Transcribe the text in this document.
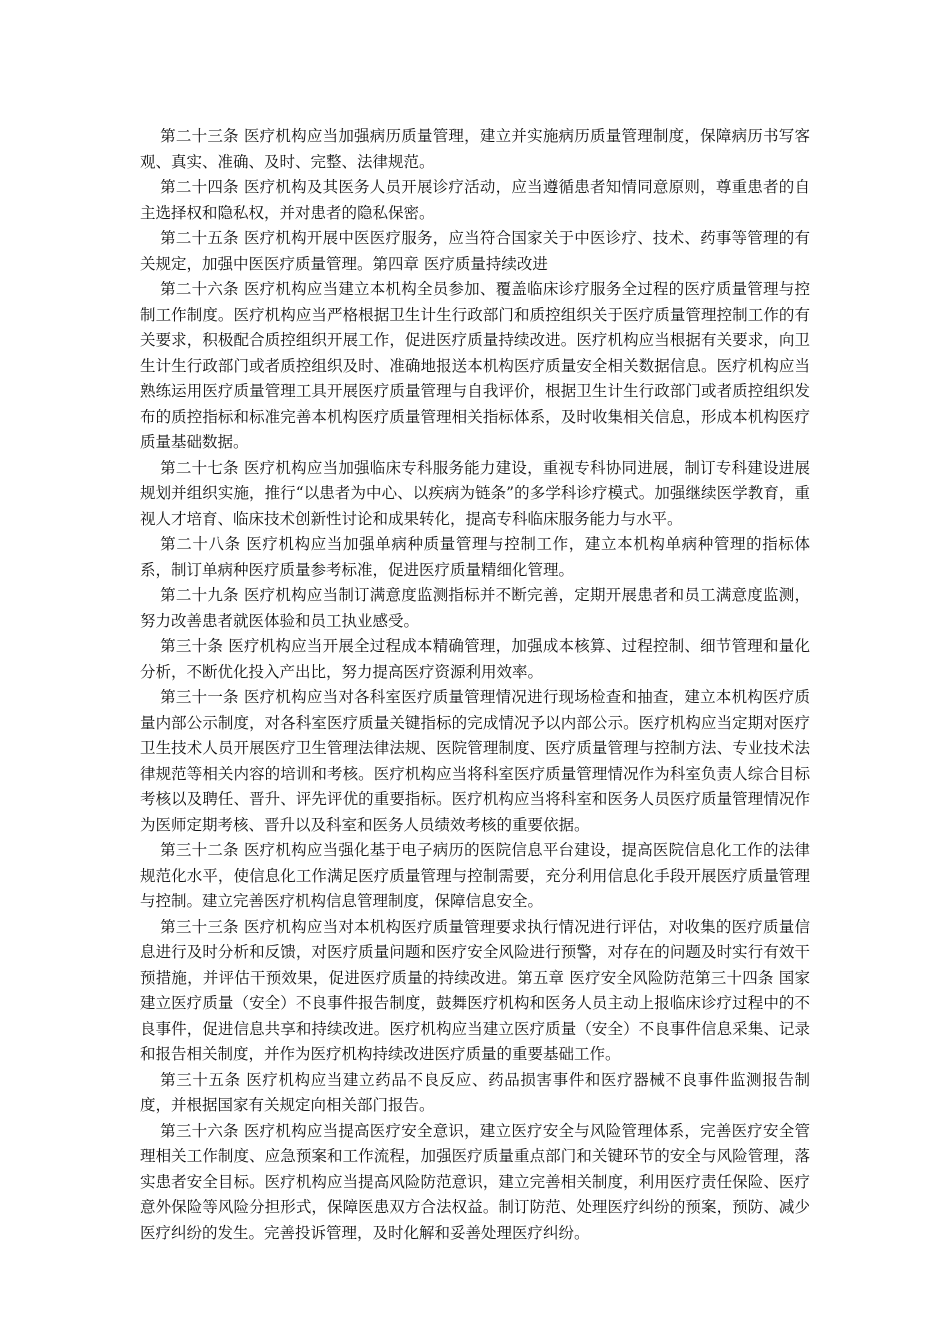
第二十三条 医疗机构应当加强病历质量管理，建立并实施病历质量管理制度，保障病历书写客观、真实、准确、及时、完整、法律规范。

第二十四条 医疗机构及其医务人员开展诊疗活动，应当遵循患者知情同意原则，尊重患者的自主选择权和隐私权，并对患者的隐私保密。

第二十五条 医疗机构开展中医医疗服务，应当符合国家关于中医诊疗、技术、药事等管理的有关规定，加强中医医疗质量管理。第四章 医疗质量持续改进

第二十六条 医疗机构应当建立本机构全员参加、覆盖临床诊疗服务全过程的医疗质量管理与控制工作制度。医疗机构应当严格根据卫生计生行政部门和质控组织关于医疗质量管理控制工作的有关要求，积极配合质控组织开展工作，促进医疗质量持续改进。医疗机构应当根据有关要求，向卫生计生行政部门或者质控组织及时、准确地报送本机构医疗质量安全相关数据信息。医疗机构应当熟练运用医疗质量管理工具开展医疗质量管理与自我评价，根据卫生计生行政部门或者质控组织发布的质控指标和标准完善本机构医疗质量管理相关指标体系，及时收集相关信息，形成本机构医疗质量基础数据。

第二十七条 医疗机构应当加强临床专科服务能力建设，重视专科协同进展，制订专科建设进展规划并组织实施，推行“以患者为中心、以疾病为链条”的多学科诊疗模式。加强继续医学教育，重视人才培育、临床技术创新性讨论和成果转化，提高专科临床服务能力与水平。

第二十八条 医疗机构应当加强单病种质量管理与控制工作，建立本机构单病种管理的指标体系，制订单病种医疗质量参考标准，促进医疗质量精细化管理。

第二十九条 医疗机构应当制订满意度监测指标并不断完善，定期开展患者和员工满意度监测，努力改善患者就医体验和员工执业感受。

第三十条 医疗机构应当开展全过程成本精确管理，加强成本核算、过程控制、细节管理和量化分析，不断优化投入产出比，努力提高医疗资源利用效率。

第三十一条 医疗机构应当对各科室医疗质量管理情况进行现场检查和抽查，建立本机构医疗质量内部公示制度，对各科室医疗质量关键指标的完成情况予以内部公示。医疗机构应当定期对医疗卫生技术人员开展医疗卫生管理法律法规、医院管理制度、医疗质量管理与控制方法、专业技术法律规范等相关内容的培训和考核。医疗机构应当将科室医疗质量管理情况作为科室负责人综合目标考核以及聘任、晋升、评先评优的重要指标。医疗机构应当将科室和医务人员医疗质量管理情况作为医师定期考核、晋升以及科室和医务人员绩效考核的重要依据。

第三十二条 医疗机构应当强化基于电子病历的医院信息平台建设，提高医院信息化工作的法律规范化水平，使信息化工作满足医疗质量管理与控制需要，充分利用信息化手段开展医疗质量管理与控制。建立完善医疗机构信息管理制度，保障信息安全。

第三十三条 医疗机构应当对本机构医疗质量管理要求执行情况进行评估，对收集的医疗质量信息进行及时分析和反馈，对医疗质量问题和医疗安全风险进行预警，对存在的问题及时实行有效干预措施，并评估干预效果，促进医疗质量的持续改进。第五章 医疗安全风险防范第三十四条 国家建立医疗质量（安全）不良事件报告制度，鼓舞医疗机构和医务人员主动上报临床诊疗过程中的不良事件，促进信息共享和持续改进。医疗机构应当建立医疗质量（安全）不良事件信息采集、记录和报告相关制度，并作为医疗机构持续改进医疗质量的重要基础工作。

第三十五条 医疗机构应当建立药品不良反应、药品损害事件和医疗器械不良事件监测报告制度，并根据国家有关规定向相关部门报告。

第三十六条 医疗机构应当提高医疗安全意识，建立医疗安全与风险管理体系，完善医疗安全管理相关工作制度、应急预案和工作流程，加强医疗质量重点部门和关键环节的安全与风险管理，落实患者安全目标。医疗机构应当提高风险防范意识，建立完善相关制度，利用医疗责任保险、医疗意外保险等风险分担形式，保障医患双方合法权益。制订防范、处理医疗纠纷的预案，预防、减少医疗纠纷的发生。完善投诉管理，及时化解和妥善处理医疗纠纷。
